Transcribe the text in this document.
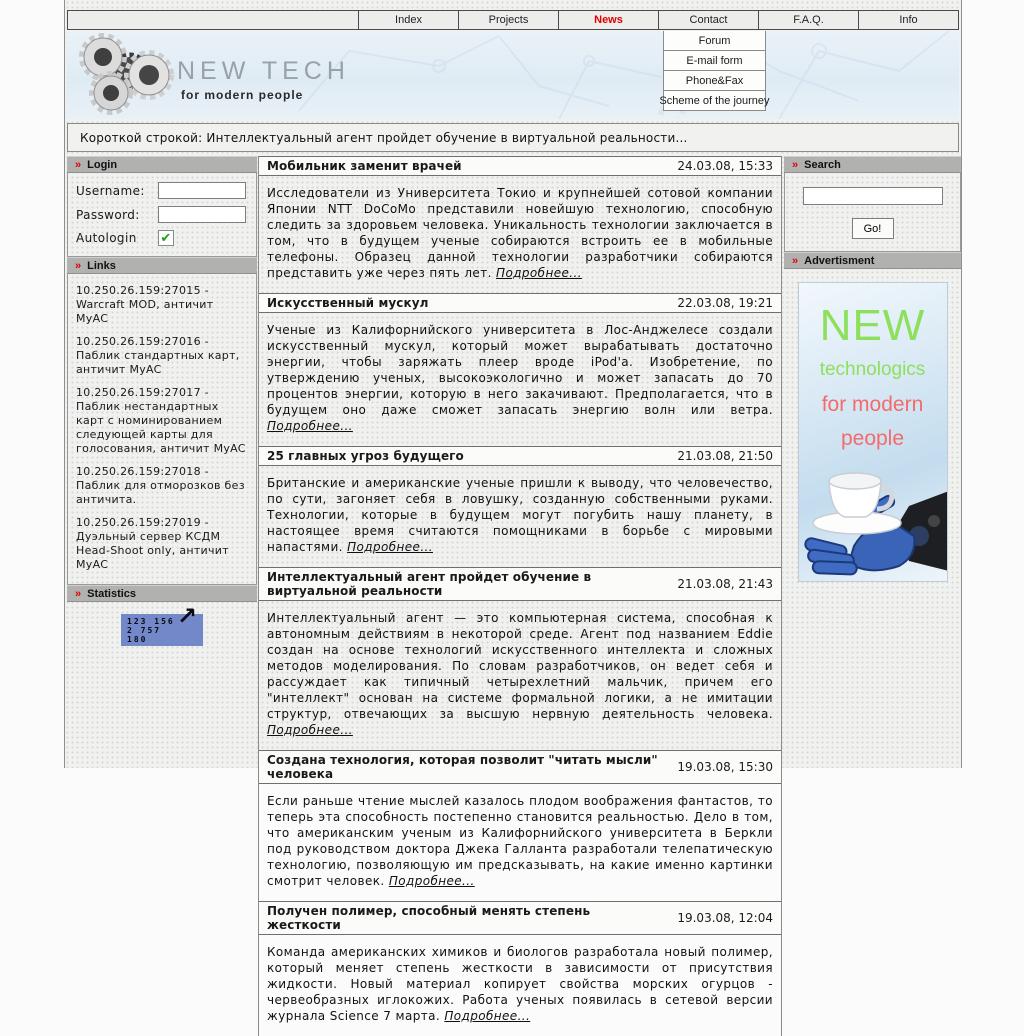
Index	Projects	News	Contact	F.A.Q.	Info
NEW TECH
for modern people
Forum
E-mail form
Phone&Fax
Scheme of the journey
Короткой строкой: Интеллектуальный агент пройдет обучение в виртуальной реальности...
» Login
Username:
Password:
Autologin	✔
» Links
10.250.26.159:27015 - Warcraft MOD, античит MyAC
10.250.26.159:27016 - Паблик стандартных карт, античит MyAC
10.250.26.159:27017 - Паблик нестандартных карт с номинированием следующей карты для голосования, античит MyAC
10.250.26.159:27018 - Паблик для отморозков без античита.
10.250.26.159:27019 - Дуэльный сервер КСДМ Head-Shoot only, античит MyAC
» Statistics
123 156
2 757
180
↗
Мобильник заменит врачей	24.03.08, 15:33
Исследователи из Университета Токио и крупнейшей сотовой компании Японии NTT DoCoMo представили новейшую технологию, способную следить за здоровьем человека. Уникальность технологии заключается в том, что в будущем ученые собираются встроить ее в мобильные телефоны. Образец данной технологии разработчики собираются представить уже через пять лет. Подробнее...
Искусственный мускул	22.03.08, 19:21
Ученые из Калифорнийского университета в Лос-Анджелесе создали искусственный мускул, который может вырабатывать достаточно энергии, чтобы заряжать плеер вроде iPod'а. Изобретение, по утверждению ученых, высокоэкологично и может запасать до 70 процентов энергии, которую в него закачивают. Предполагается, что в будущем оно даже сможет запасать энергию волн или ветра. Подробнее...
25 главных угроз будущего	21.03.08, 21:50
Британские и американские ученые пришли к выводу, что человечество, по сути, загоняет себя в ловушку, созданную собственными руками. Технологии, которые в будущем могут погубить нашу планету, в настоящее время считаются помощниками в борьбе с мировыми напастями. Подробнее...
Интеллектуальный агент пройдет обучение в виртуальной реальности	21.03.08, 21:43
Интеллектуальный агент — это компьютерная система, способная к автономным действиям в некоторой среде. Агент под названием Eddie создан на основе технологий искусственного интеллекта и сложных методов моделирования. По словам разработчиков, он ведет себя и рассуждает как типичный четырехлетний мальчик, причем его "интеллект" основан на системе формальной логики, а не имитации структур, отвечающих за высшую нервную деятельность человека. Подробнее...
Создана технология, которая позволит "читать мысли" человека	19.03.08, 15:30
Если раньше чтение мыслей казалось плодом воображения фантастов, то теперь эта способность постепенно становится реальностью. Дело в том, что американским ученым из Калифорнийского университета в Беркли под руководством доктора Джека Галланта разработали телепатическую технологию, позволяющую им предсказывать, на какие именно картинки смотрит человек. Подробнее...
Получен полимер, способный менять степень жесткости	19.03.08, 12:04
Команда американских химиков и биологов разработала новый полимер, который меняет степень жесткости в зависимости от присутствия жидкости. Новый материал копирует свойства морских огурцов - червеобразных иглокожих. Работа ученых появилась в сетевой версии журнала Science 7 марта. Подробнее...
» Search
Go!
» Advertisment
NEW
technologics
for modern
people
